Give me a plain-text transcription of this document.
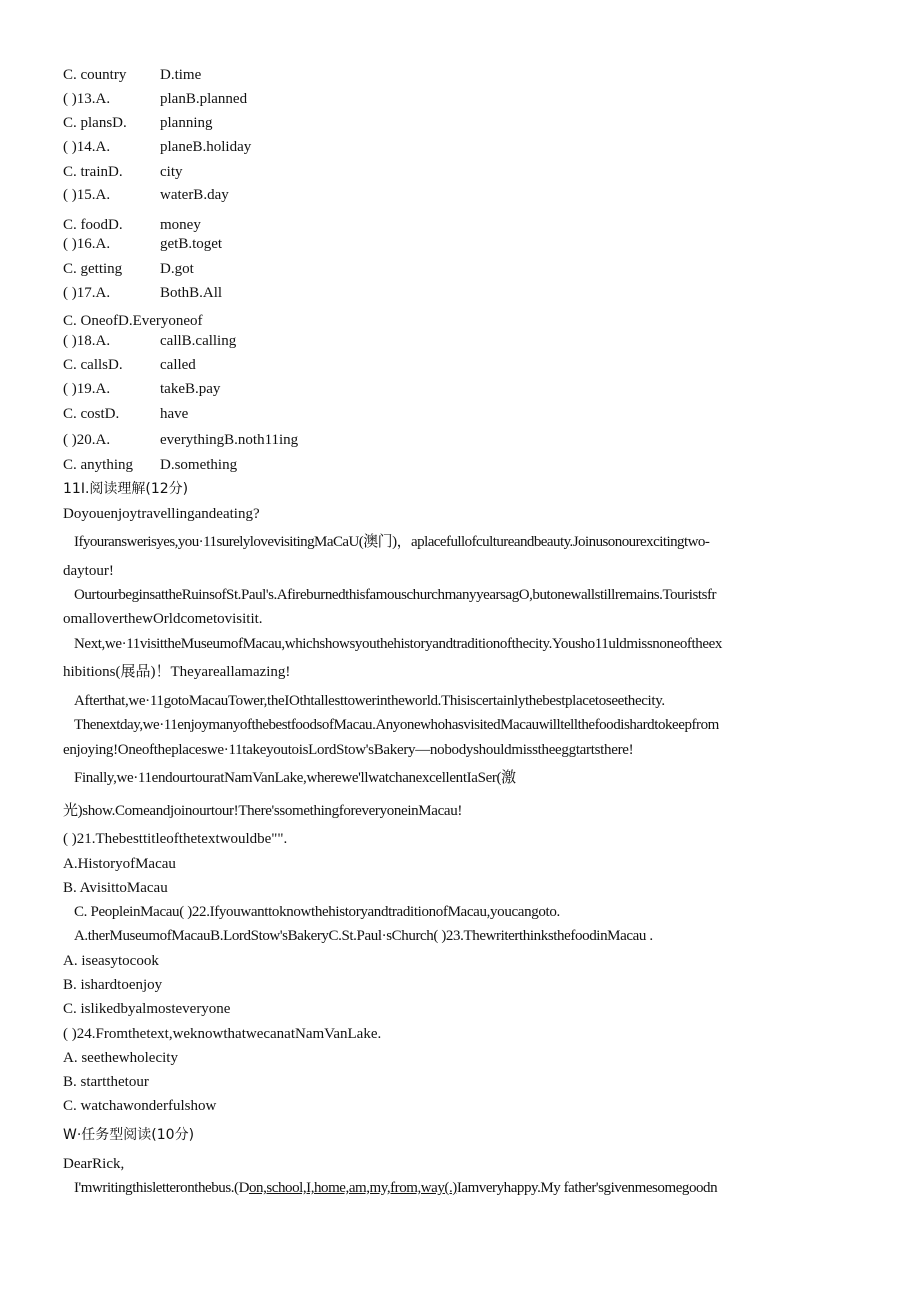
C. country D.time
( )13.A.	planB.planned
C. plansD. planning
( )14.A.	planeB.holiday
C. trainD. city
( )15.A.	waterB.day
C. foodD. money
( )16.A.	getB.toget
C. getting	D.got
( )17.A.	BothB.All
C. OneofD.Everyoneof
( )18.A.	callB.calling
C. callsD. called
( )19.A.	takeB.pay
C. costD.	have
( )20.A.	everythingB.noth11ing
C. anything D.something
11I.阅读理解(12分)
Doyouenjoytravellingandeating?
Ifyouranswerisyes,you·11surelylovevisitingMaCaU(澳门)，aplacefullofcultureandbeauty.Joinusonourexcitingtwo-
daytour!
OurtourbeginsattheRuinsofSt.Paul's.AfireburnedthisfamouschurchmanyyearsagO,butonewallstillremains.Touristsfr
omalloverthewOrldcometovisitit.
Next,we·11visittheMuseumofMacau,whichshowsyouthehistoryandtraditionofthecity.Yousho11uldmissnoneoftheex
hibitions(展品)！Theyareallamazing!
Afterthat,we·11gotoMacauTower,theIOthtallesttowerintheworld.Thisiscertainlythebestplacetoseethecity.
Thenextday,we·11enjoymanyofthebestfoodsofMacau.AnyonewhohasvisitedMacauwilltellthefoodishardtokeepfrom
enjoying!Oneoftheplaceswe·11takeyoutoisLordStow'sBakery—nobodyshouldmisstheeggtartsthere!
Finally,we·11endourtouratNamVanLake,wherewe'llwatchanexcellentIaSer(激
光)show.Comeandjoinourtour!There'ssomethingforeveryoneinMacau!
( )21.Thebesttitleofthetextwouldbe"".
A.HistoryofMacau
B. AvisittoMacau
C. PeopleinMacau( )22.IfyouwanttoknowthehistoryandtraditionofMacau,youcangoto.
A.therMuseumofMacauB.LordStow'sBakeryC.St.Paul·sChurch( )23.ThewriterthinksthefoodinMacau .
A. iseasytocook
B. ishardtoenjoy
C. islikedbyalmosteveryone
( )24.Fromthetext,weknowthatwecanatNamVanLake.
A. seethewholecity
B. startthetour
C. watchawonderfulshow
W·任务型阅读(10分)
DearRick,
I'mwritingthisletteronthebus.(Don,school,I,home,am,my,from,way(.)Iamveryhappy.My father'sgivenmesomegoodn
